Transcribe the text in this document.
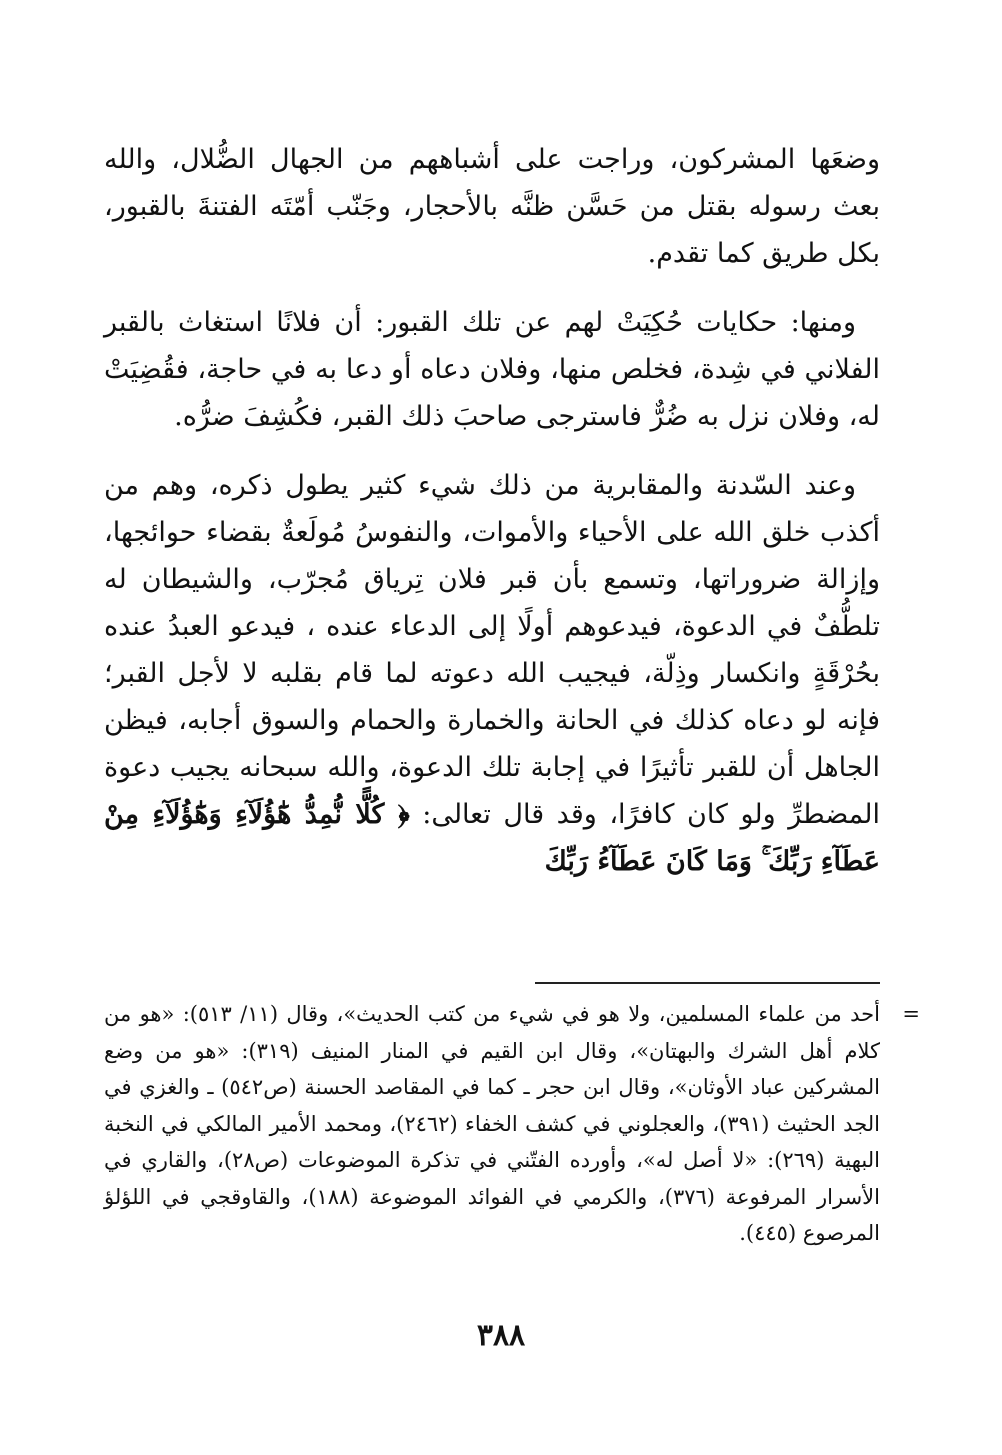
وضعَها المشركون، وراجت على أشباههم من الجهال الضُّلال، والله بعث رسوله بقتل من حَسَّن ظنَّه بالأحجار، وجَنّب أمّتَه الفتنةَ بالقبور، بكل طريق كما تقدم.

ومنها: حكايات حُكِيَتْ لهم عن تلك القبور: أن فلانًا استغاث بالقبر الفلاني في شِدة، فخلص منها، وفلان دعاه أو دعا به في حاجة، فقُضِيَتْ له، وفلان نزل به ضُرٌّ فاسترجى صاحبَ ذلك القبر، فكُشِفَ ضرُّه.

وعند السّدنة والمقابرية من ذلك شيء كثير يطول ذكره، وهم من أكذب خلق الله على الأحياء والأموات، والنفوسُ مُولَعةٌ بقضاء حوائجها، وإزالة ضروراتها، وتسمع بأن قبر فلان تِرياق مُجرّب، والشيطان له تلطُّفٌ في الدعوة، فيدعوهم أولًا إلى الدعاء عنده ، فيدعو العبدُ عنده بحُرْقَةٍ وانكسار وذِلّة، فيجيب الله دعوته لما قام بقلبه لا لأجل القبر؛ فإنه لو دعاه كذلك في الحانة والخمارة والحمام والسوق أجابه، فيظن الجاهل أن للقبر تأثيرًا في إجابة تلك الدعوة، والله سبحانه يجيب دعوة المضطرِّ ولو كان كافرًا، وقد قال تعالى: ﴿ كُلًّا نُّمِدُّ هَٰٓؤُلَآءِ وَهَٰٓؤُلَآءِ مِنْ عَطَآءِ رَبِّكَ ۚ وَمَا كَانَ عَطَآءُ رَبِّكَ

=
أحد من علماء المسلمين، ولا هو في شيء من كتب الحديث»، وقال (١١/ ٥١٣): «هو من كلام أهل الشرك والبهتان»، وقال ابن القيم في المنار المنيف (٣١٩): «هو من وضع المشركين عباد الأوثان»، وقال ابن حجر ـ كما في المقاصد الحسنة (ص٥٤٢) ـ والغزي في الجد الحثيث (٣٩١)، والعجلوني في كشف الخفاء (٢٤٦٢)، ومحمد الأمير المالكي في النخبة البهية (٢٦٩): «لا أصل له»، وأورده الفتّني في تذكرة الموضوعات (ص٢٨)، والقاري في الأسرار المرفوعة (٣٧٦)، والكرمي في الفوائد الموضوعة (١٨٨)، والقاوقجي في اللؤلؤ المرصوع (٤٤٥).
٣٨٨
